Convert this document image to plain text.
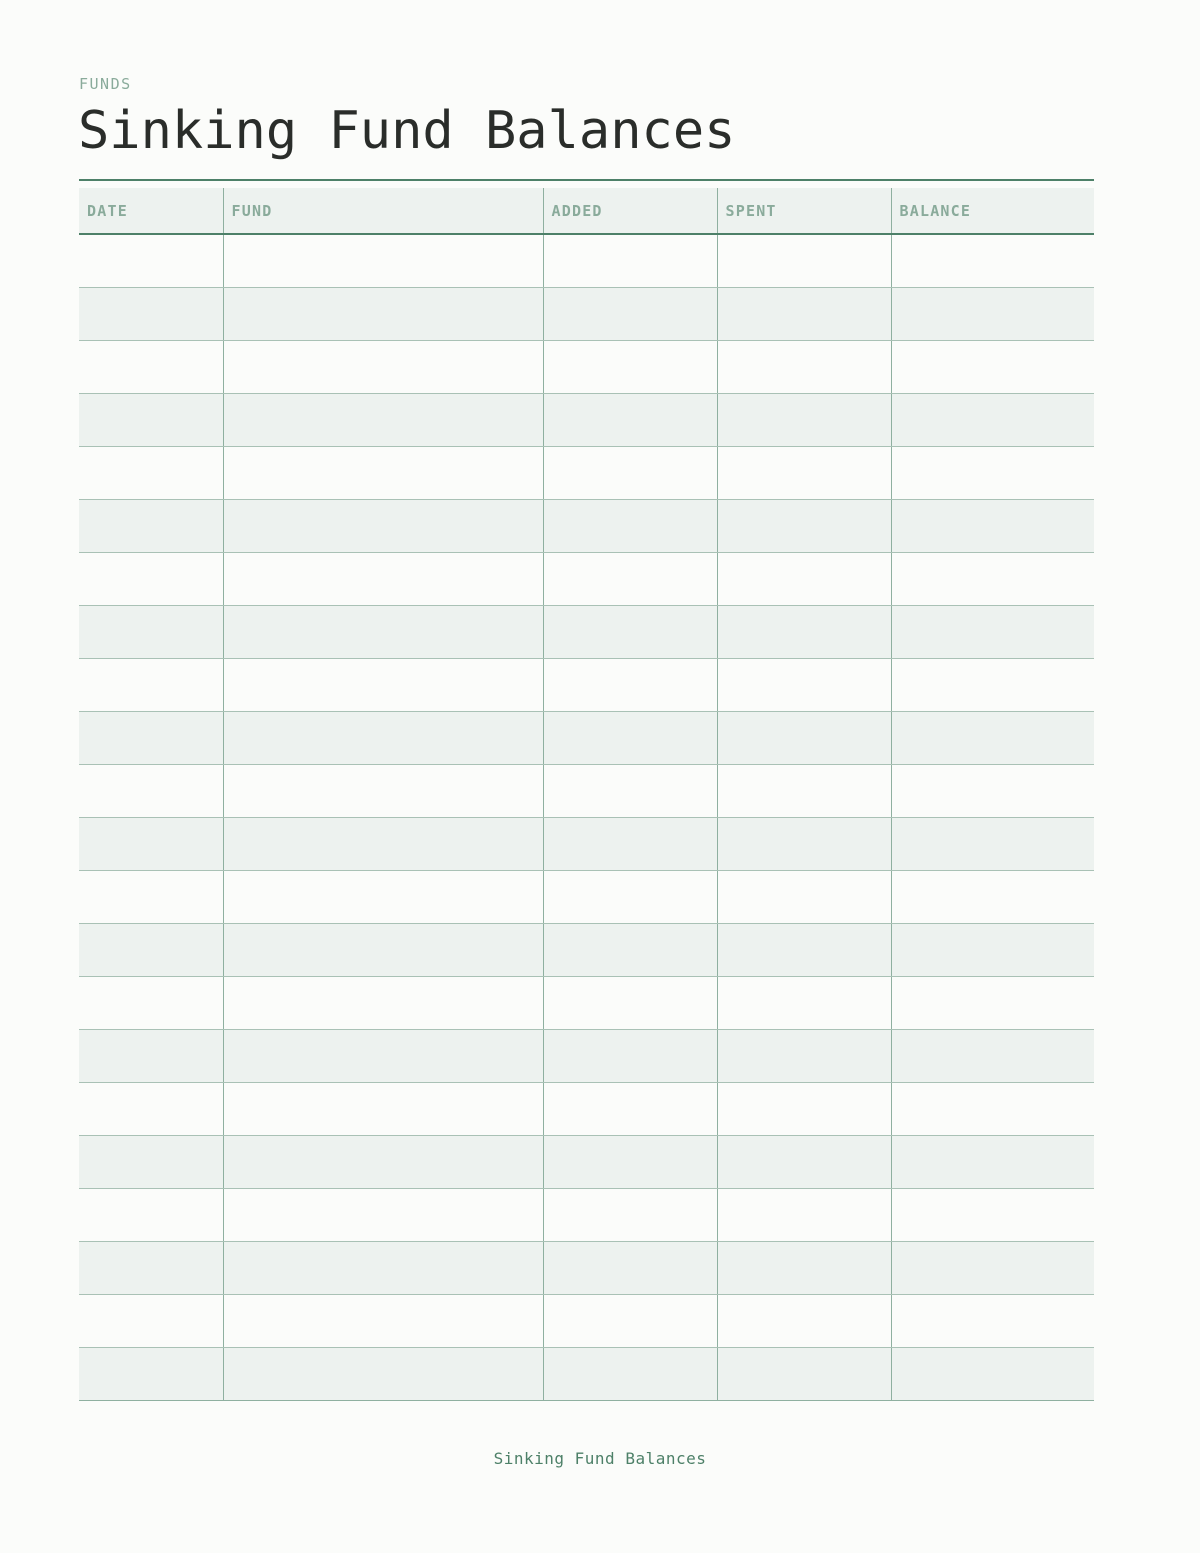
FUNDS
Sinking Fund Balances
DATE	FUND	ADDED	SPENT	BALANCE

Sinking Fund Balances
